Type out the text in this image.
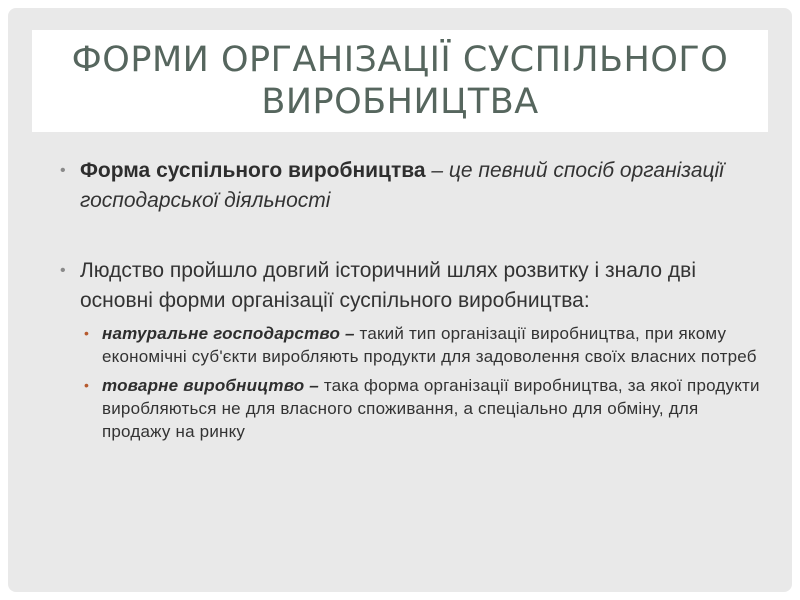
ФОРМИ ОРГАНІЗАЦІЇ СУСПІЛЬНОГО ВИРОБНИЦТВА
• Форма суспільного виробництва – це певний спосіб організації господарської діяльності
• Людство пройшло довгий історичний шлях розвитку і знало дві основні форми організації суспільного виробництва:
• натуральне господарство – такий тип організації виробництва, при якому економічні суб'єкти виробляють продукти для задоволення своїх власних потреб
• товарне виробництво – така форма організації виробництва, за якої продукти виробляються не для власного споживання, а спеціально для обміну, для продажу на ринку
